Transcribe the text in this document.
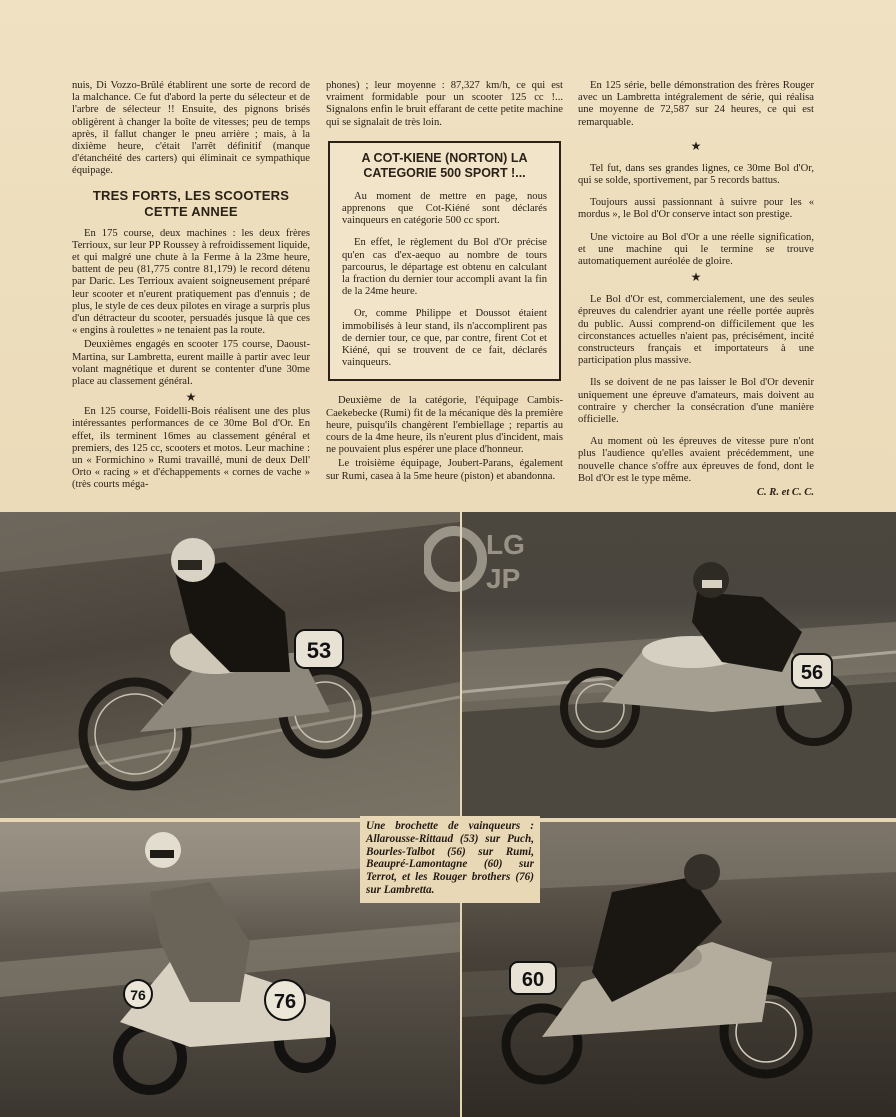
nuis, Di Vozzo-Brûlé établirent une sorte de record de la malchance. Ce fut d'abord la perte du sélecteur et de l'arbre de sélecteur !! Ensuite, des pignons brisés obligèrent à changer la boîte de vitesses; peu de temps après, il fallut changer le pneu arrière ; mais, à la dixième heure, c'était l'arrêt définitif (manque d'étanchéité des carters) qui éliminait ce sympathique équipage.

TRES FORTS, LES SCOOTERS CETTE ANNEE

En 175 course, deux machines : les deux frères Terrioux, sur leur PP Roussey à refroidissement liquide, et qui malgré une chute à la Ferme à la 23me heure, battent de peu (81,775 contre 81,179) le record détenu par Daric. Les Terrioux avaient soigneusement préparé leur scooter et n'eurent pratiquement pas d'ennuis ; de plus, le style de ces deux pilotes en virage a surpris plus d'un détracteur du scooter, persuadés jusque là que ces « engins à roulettes » ne tenaient pas la route.

Deuxièmes engagés en scooter 175 course, Daoust-Martina, sur Lambretta, eurent maille à partir avec leur volant magnétique et durent se contenter d'une 30me place au classement général.

★

En 125 course, Foidelli-Bois réalisent une des plus intéressantes performances de ce 30me Bol d'Or. En effet, ils terminent 16mes au classement général et premiers, des 125 cc, scooters et motos. Leur machine : un « Formichino » Rumi travaillé, muni de deux Dell' Orto « racing » et d'échappements « cornes de vache » (très courts méga-

phones) ; leur moyenne : 87,327 km/h, ce qui est vraiment formidable pour un scooter 125 cc !... Signalons enfin le bruit effarant de cette petite machine qui se signalait de très loin.

A COT-KIENE (NORTON) LA CATEGORIE 500 SPORT !...

Au moment de mettre en page, nous apprenons que Cot-Kiéné sont déclarés vainqueurs en catégorie 500 cc sport.

En effet, le règlement du Bol d'Or précise qu'en cas d'ex-aequo au nombre de tours parcourus, le départage est obtenu en calculant la fraction du dernier tour accompli avant la fin de la 24me heure.

Or, comme Philippe et Doussot étaient immobilisés à leur stand, ils n'accomplirent pas de dernier tour, ce que, par contre, firent Cot et Kiéné, qui se trouvent de ce fait, déclarés vainqueurs.

Deuxième de la catégorie, l'équipage Cambis-Caekebecke (Rumi) fit de la mécanique dès la première heure, puisqu'ils changèrent l'embiellage ; repartis au cours de la 4me heure, ils n'eurent plus d'incident, mais ne pouvaient plus espérer une place d'honneur.

Le troisième équipage, Joubert-Parans, également sur Rumi, casea à la 5me heure (piston) et abandonna.

En 125 série, belle démonstration des frères Rouger avec un Lambretta intégralement de série, qui réalisa une moyenne de 72,587 sur 24 heures, ce qui est remarquable.

★

Tel fut, dans ses grandes lignes, ce 30me Bol d'Or, qui se solde, sportivement, par 5 records battus.

Toujours aussi passionnant à suivre pour les « mordus », le Bol d'Or conserve intact son prestige.

Une victoire au Bol d'Or a une réelle signification, et une machine qui le termine se trouve automatiquement auréolée de gloire.

★

Le Bol d'Or est, commercialement, une des seules épreuves du calendrier ayant une réelle portée auprès du public. Aussi comprend-on difficilement que les circonstances actuelles n'aient pas, précisément, incité constructeurs français et importateurs à une participation plus massive.

Ils se doivent de ne pas laisser le Bol d'Or devenir uniquement une épreuve d'amateurs, mais doivent au contraire y chercher la consécration d'une manière officielle.

Au moment où les épreuves de vitesse pure n'ont plus l'audience qu'elles avaient précédemment, une nouvelle chance s'offre aux épreuves de fond, dont le Bol d'Or est le type même.

C. R. et C. C.

53
56
76
76
60
LG
JP
Une brochette de vainqueurs : Allarousse-Rittaud (53) sur Puch, Bourles-Talbot (56) sur Rumi, Beaupré-Lamontagne (60) sur Terrot, et les Rouger brothers (76) sur Lambretta.
